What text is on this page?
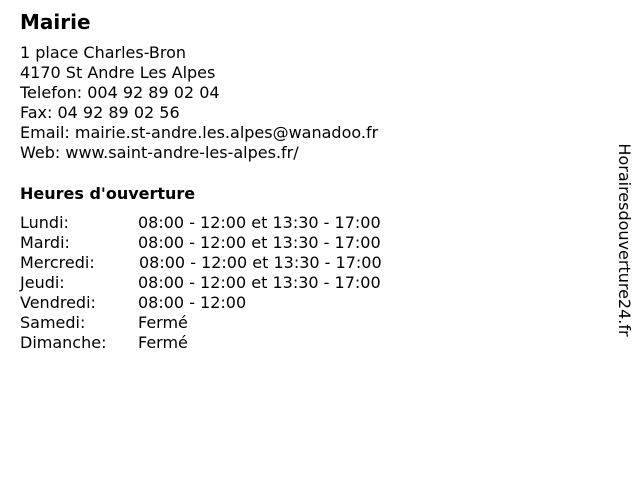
Mairie
1 place Charles-Bron
4170 St Andre Les Alpes
Telefon: 004 92 89 02 04
Fax: 04 92 89 02 56
Email: mairie.st-andre.les.alpes@wanadoo.fr
Web: www.saint-andre-les-alpes.fr/
Heures d'ouverture
Lundi:	08:00 - 12:00 et 13:30 - 17:00
Mardi:	08:00 - 12:00 et 13:30 - 17:00
Mercredi:	08:00 - 12:00 et 13:30 - 17:00
Jeudi:	08:00 - 12:00 et 13:30 - 17:00
Vendredi:	08:00 - 12:00
Samedi:	Fermé
Dimanche: Fermé
Horairesdouverture24.fr
